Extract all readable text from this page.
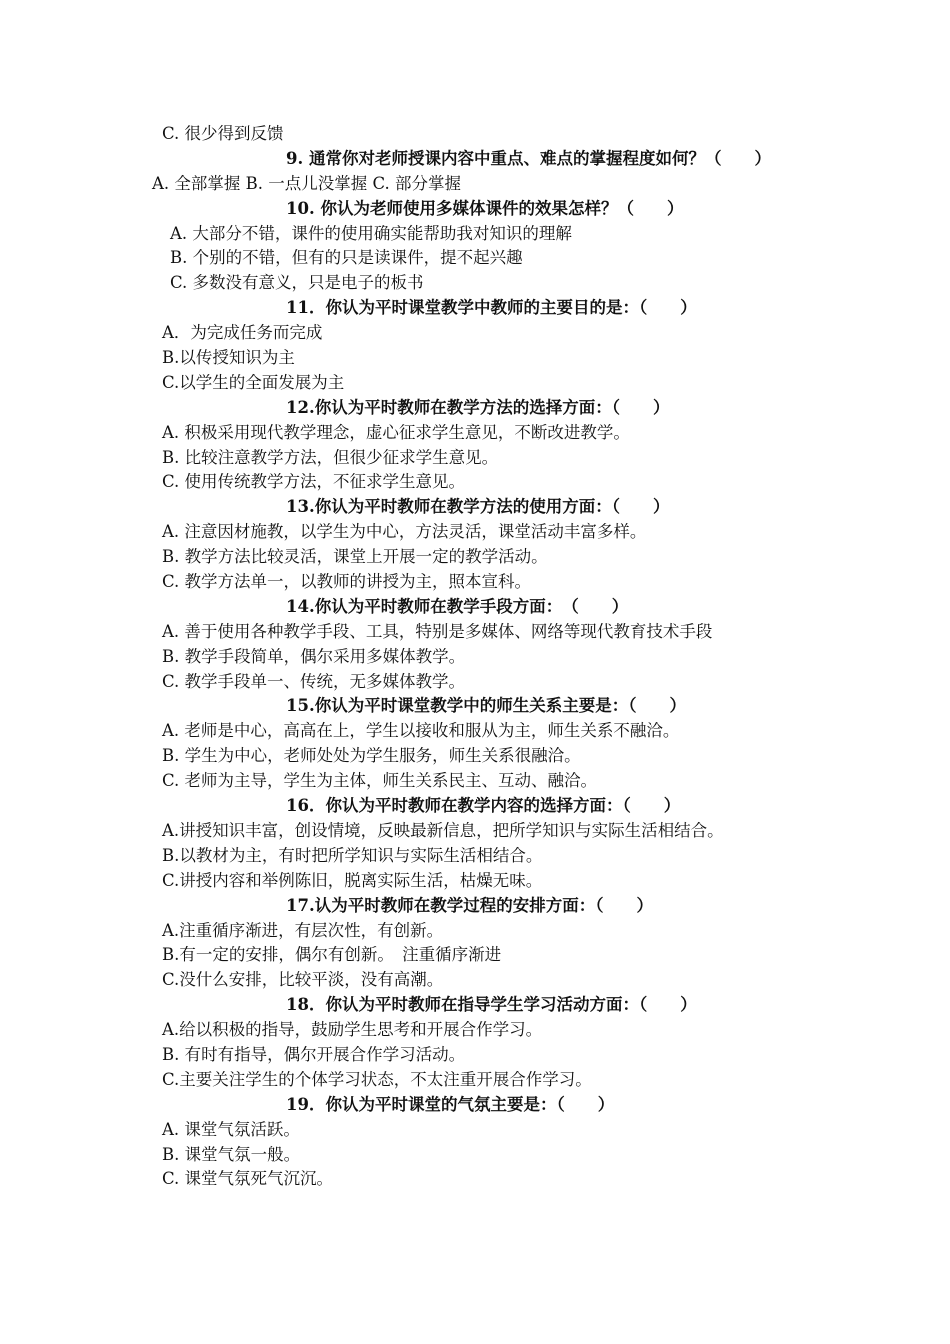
C. 很少得到反馈
9. 通常你对老师授课内容中重点、难点的掌握程度如何？（　　）
A. 全部掌握 B. 一点儿没掌握 C. 部分掌握
10. 你认为老师使用多媒体课件的效果怎样？（　　）
A. 大部分不错，课件的使用确实能帮助我对知识的理解
B. 个别的不错，但有的只是读课件，提不起兴趣
C. 多数没有意义，只是电子的板书
11．你认为平时课堂教学中教师的主要目的是：（　　）
A．为完成任务而完成
B.以传授知识为主
C.以学生的全面发展为主
12.你认为平时教师在教学方法的选择方面：（　　）
A. 积极采用现代教学理念，虚心征求学生意见，不断改进教学。
B. 比较注意教学方法，但很少征求学生意见。
C. 使用传统教学方法，不征求学生意见。
13.你认为平时教师在教学方法的使用方面：（　　）
A. 注意因材施教，以学生为中心，方法灵活，课堂活动丰富多样。
B. 教学方法比较灵活，课堂上开展一定的教学活动。
C. 教学方法单一，以教师的讲授为主，照本宣科。
14.你认为平时教师在教学手段方面：　（　　）
A. 善于使用各种教学手段、工具，特别是多媒体、网络等现代教育技术手段
B. 教学手段简单，偶尔采用多媒体教学。
C. 教学手段单一、传统，无多媒体教学。
15.你认为平时课堂教学中的师生关系主要是：（　　）
A. 老师是中心，高高在上，学生以接收和服从为主，师生关系不融洽。
B. 学生为中心，老师处处为学生服务，师生关系很融洽。
C. 老师为主导，学生为主体，师生关系民主、互动、融洽。
16．你认为平时教师在教学内容的选择方面：（　　）
A.讲授知识丰富，创设情境，反映最新信息，把所学知识与实际生活相结合。
B.以教材为主，有时把所学知识与实际生活相结合。
C.讲授内容和举例陈旧，脱离实际生活，枯燥无味。
17.认为平时教师在教学过程的安排方面：（　　）
A.注重循序渐进，有层次性，有创新。
B.有一定的安排，偶尔有创新。　注重循序渐进
C.没什么安排，比较平淡，没有高潮。
18．你认为平时教师在指导学生学习活动方面：（　　）
A.给以积极的指导，鼓励学生思考和开展合作学习。
B. 有时有指导，偶尔开展合作学习活动。
C.主要关注学生的个体学习状态，不太注重开展合作学习。
19．你认为平时课堂的气氛主要是：（　　）
A. 课堂气氛活跃。
B. 课堂气氛一般。
C. 课堂气氛死气沉沉。
